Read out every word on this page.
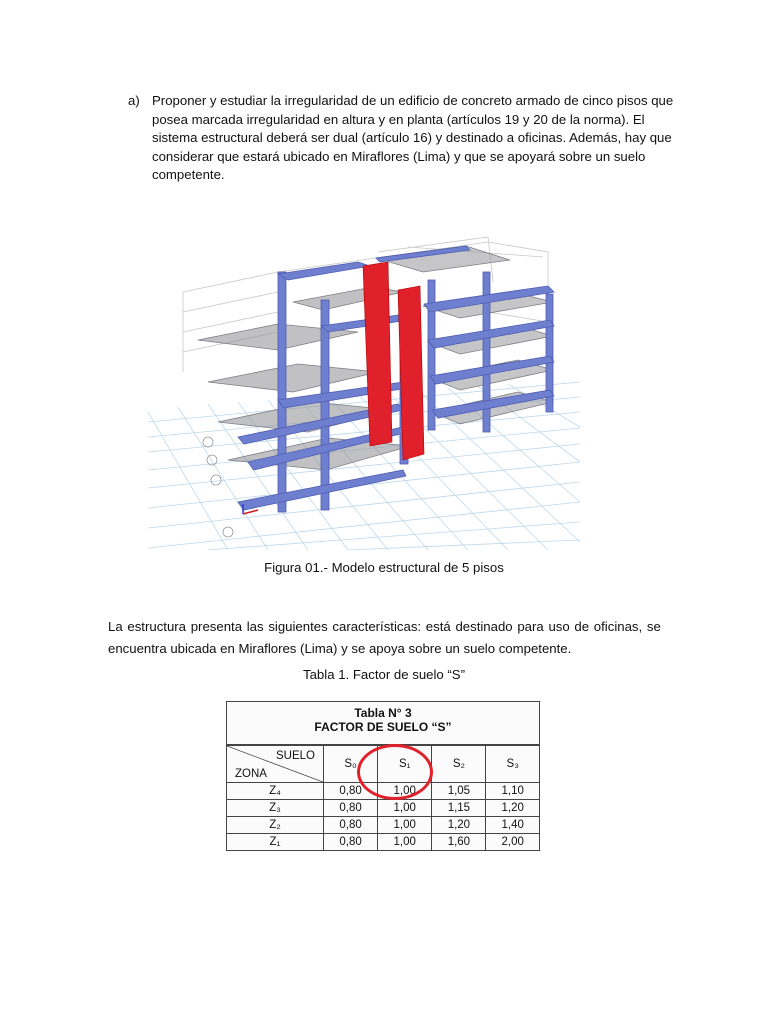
a) Proponer y estudiar la irregularidad de un edificio de concreto armado de cinco pisos que
posea marcada irregularidad en altura y en planta (artículos 19 y 20 de la norma). El
sistema estructural deberá ser dual (artículo 16) y destinado a oficinas. Además, hay que
considerar que estará ubicado en Miraflores (Lima) y que se apoyará sobre un suelo
competente.
Figura 01.- Modelo estructural de 5 pisos
La estructura presenta las siguientes características: está destinado para uso de oficinas, se
encuentra ubicada en Miraflores (Lima) y se apoya sobre un suelo competente.
Tabla 1. Factor de suelo “S”
Tabla N° 3
FACTOR DE SUELO “S”
SUELO
ZONA	S₀	S₁	S₂	S₃
Z₄	0,80	1,00	1,05	1,10
Z₃	0,80	1,00	1,15	1,20
Z₂	0,80	1,00	1,20	1,40
Z₁	0,80	1,00	1,60	2,00
